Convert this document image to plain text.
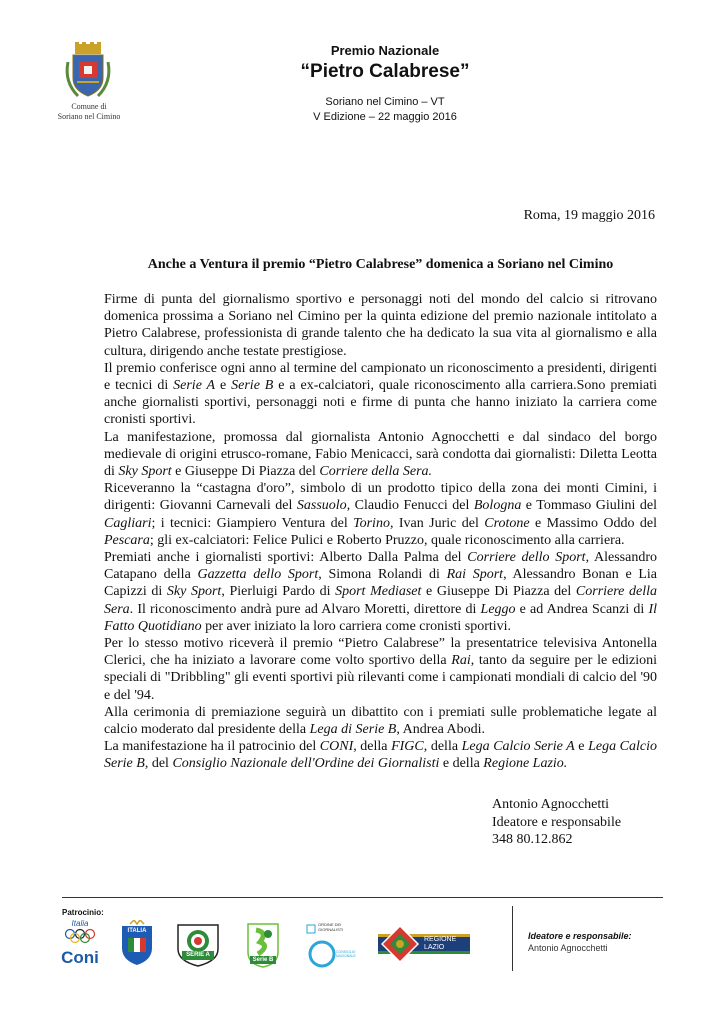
Comune di
Soriano nel Cimino
Premio Nazionale
“Pietro Calabrese”
Soriano nel Cimino – VT
V Edizione – 22 maggio 2016
Roma, 19 maggio 2016
Anche a Ventura il premio “Pietro Calabrese” domenica a Soriano nel Cimino

Firme di punta del giornalismo sportivo e personaggi noti del mondo del calcio si ritrovano domenica prossima a Soriano nel Cimino per la quinta edizione del premio nazionale intitolato a Pietro Calabrese, professionista di grande talento che ha dedicato la sua vita al giornalismo e alla cultura, dirigendo anche testate prestigiose.

Il premio conferisce ogni anno al termine del campionato un riconoscimento a presidenti, dirigenti e tecnici di Serie A e Serie B e a ex-calciatori, quale riconoscimento alla carriera.Sono premiati anche giornalisti sportivi, personaggi noti e firme di punta che hanno iniziato la carriera come cronisti sportivi.

La manifestazione, promossa dal giornalista Antonio Agnocchetti e dal sindaco del borgo medievale di origini etrusco-romane, Fabio Menicacci, sarà condotta dai giornalisti: Diletta Leotta di Sky Sport e Giuseppe Di Piazza del Corriere della Sera.

Riceveranno la “castagna d'oro”, simbolo di un prodotto tipico della zona dei monti Cimini, i dirigenti: Giovanni Carnevali del Sassuolo, Claudio Fenucci del Bologna e Tommaso Giulini del Cagliari; i tecnici: Giampiero Ventura del Torino, Ivan Juric del Crotone e Massimo Oddo del Pescara; gli ex-calciatori: Felice Pulici e Roberto Pruzzo, quale riconoscimento alla carriera.

Premiati anche i giornalisti sportivi: Alberto Dalla Palma del Corriere dello Sport, Alessandro Catapano della Gazzetta dello Sport, Simona Rolandi di Rai Sport, Alessandro Bonan e Lia Capizzi di Sky Sport, Pierluigi Pardo di Sport Mediaset e Giuseppe Di Piazza del Corriere della Sera. Il riconoscimento andrà pure ad Alvaro Moretti, direttore di Leggo e ad Andrea Scanzi di Il Fatto Quotidiano per aver iniziato la loro carriera come cronisti sportivi.

Per lo stesso motivo riceverà il premio “Pietro Calabrese” la presentatrice televisiva Antonella Clerici, che ha iniziato a lavorare come volto sportivo della Rai, tanto da seguire per le edizioni speciali di "Dribbling" gli eventi sportivi più rilevanti come i campionati mondiali di calcio del '90 e del '94.

Alla cerimonia di premiazione seguirà un dibattito con i premiati sulle problematiche legate al calcio moderato dal presidente della Lega di Serie B, Andrea Abodi.

La manifestazione ha il patrocinio del CONI, della FIGC, della Lega Calcio Serie A e Lega Calcio Serie B, del Consiglio Nazionale dell'Ordine dei Giornalisti e della Regione Lazio.

Antonio Agnocchetti
Ideatore e responsabile
348 80.12.862
Patrocinio:
Italia
Coni
ITALIA
SERIE A
Serie B
ORDINE DEI GIORNALISTI
CONSIGLIO NAZIONALE
REGIONE
LAZIO
Ideatore e responsabile:
Antonio Agnocchetti
